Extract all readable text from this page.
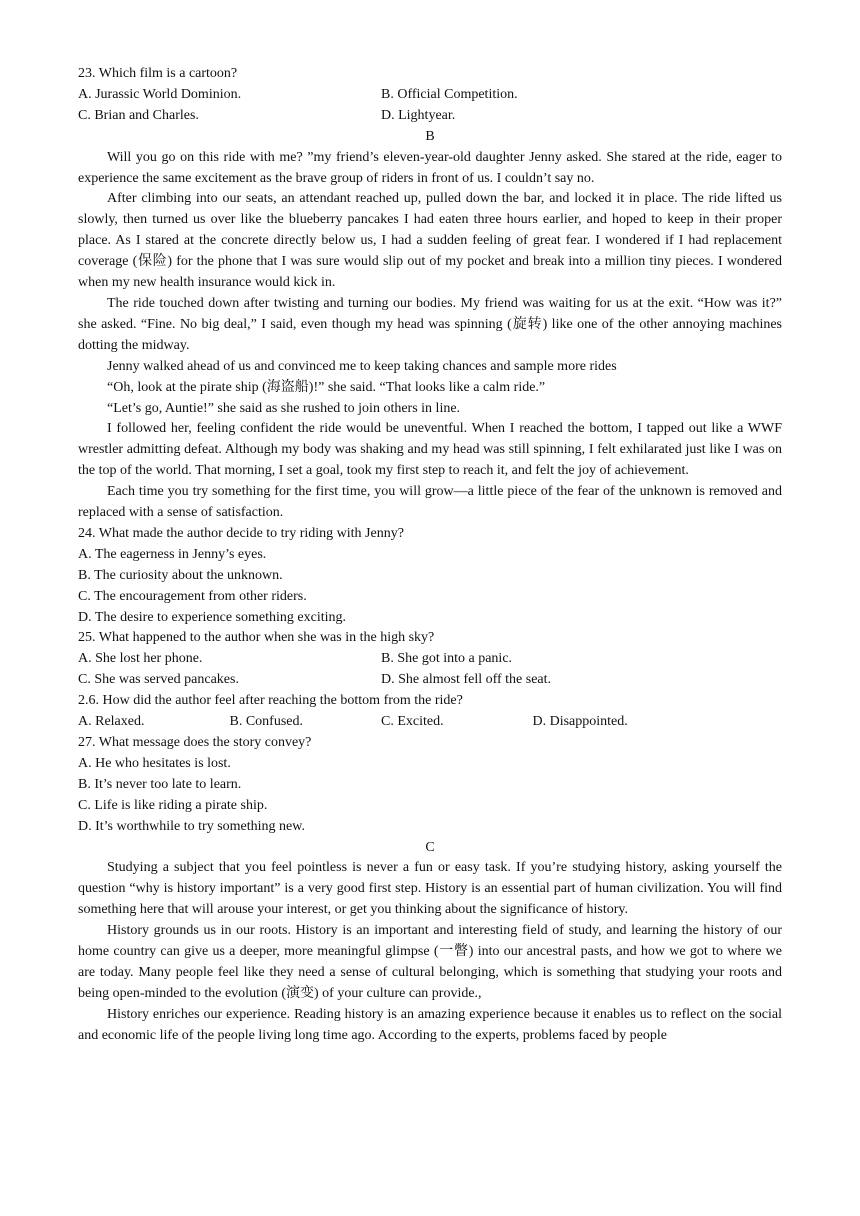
23. Which film is a cartoon?
A. Jurassic World Dominion.	B. Official Competition.
C. Brian and Charles.	D. Lightyear.
B

Will you go on this ride with me? ”my friend’s eleven-year-old daughter Jenny asked. She stared at the ride, eager to experience the same excitement as the brave group of riders in front of us. I couldn’t say no.

After climbing into our seats, an attendant reached up, pulled down the bar, and locked it in place. The ride lifted us slowly, then turned us over like the blueberry pancakes I had eaten three hours earlier, and hoped to keep in their proper place. As I stared at the concrete directly below us, I had a sudden feeling of great fear. I wondered if I had replacement coverage (保险) for the phone that I was sure would slip out of my pocket and break into a million tiny pieces. I wondered when my new health insurance would kick in.

The ride touched down after twisting and turning our bodies. My friend was waiting for us at the exit. “How was it?” she asked. “Fine. No big deal,” I said, even though my head was spinning (旋转) like one of the other annoying machines dotting the midway.

Jenny walked ahead of us and convinced me to keep taking chances and sample more rides

“Oh, look at the pirate ship (海盗船)!” she said. “That looks like a calm ride.”

“Let’s go, Auntie!” she said as she rushed to join others in line.

I followed her, feeling confident the ride would be uneventful. When I reached the bottom, I tapped out like a WWF wrestler admitting defeat. Although my body was shaking and my head was still spinning, I felt exhilarated just like I was on the top of the world. That morning, I set a goal, took my first step to reach it, and felt the joy of achievement.

Each time you try something for the first time, you will grow—a little piece of the fear of the unknown is removed and replaced with a sense of satisfaction.

24. What made the author decide to try riding with Jenny?
A. The eagerness in Jenny’s eyes.
B. The curiosity about the unknown.
C. The encouragement from other riders.
D. The desire to experience something exciting.
25. What happened to the author when she was in the high sky?
A. She lost her phone.	B. She got into a panic.
C. She was served pancakes.	D. She almost fell off the seat.
2.6. How did the author feel after reaching the bottom from the ride?
A. Relaxed.	B. Confused.	C. Excited.	D. Disappointed.
27. What message does the story convey?
A. He who hesitates is lost.
B. It’s never too late to learn.
C. Life is like riding a pirate ship.
D. It’s worthwhile to try something new.
C

Studying a subject that you feel pointless is never a fun or easy task. If you’re studying history, asking yourself the question “why is history important” is a very good first step. History is an essential part of human civilization. You will find something here that will arouse your interest, or get you thinking about the significance of history.

History grounds us in our roots. History is an important and interesting field of study, and learning the history of our home country can give us a deeper, more meaningful glimpse (一瞥) into our ancestral pasts, and how we got to where we are today. Many people feel like they need a sense of cultural belonging, which is something that studying your roots and being open-minded to the evolution (演变) of your culture can provide.,

History enriches our experience. Reading history is an amazing experience because it enables us to reflect on the social and economic life of the people living long time ago. According to the experts, problems faced by people
